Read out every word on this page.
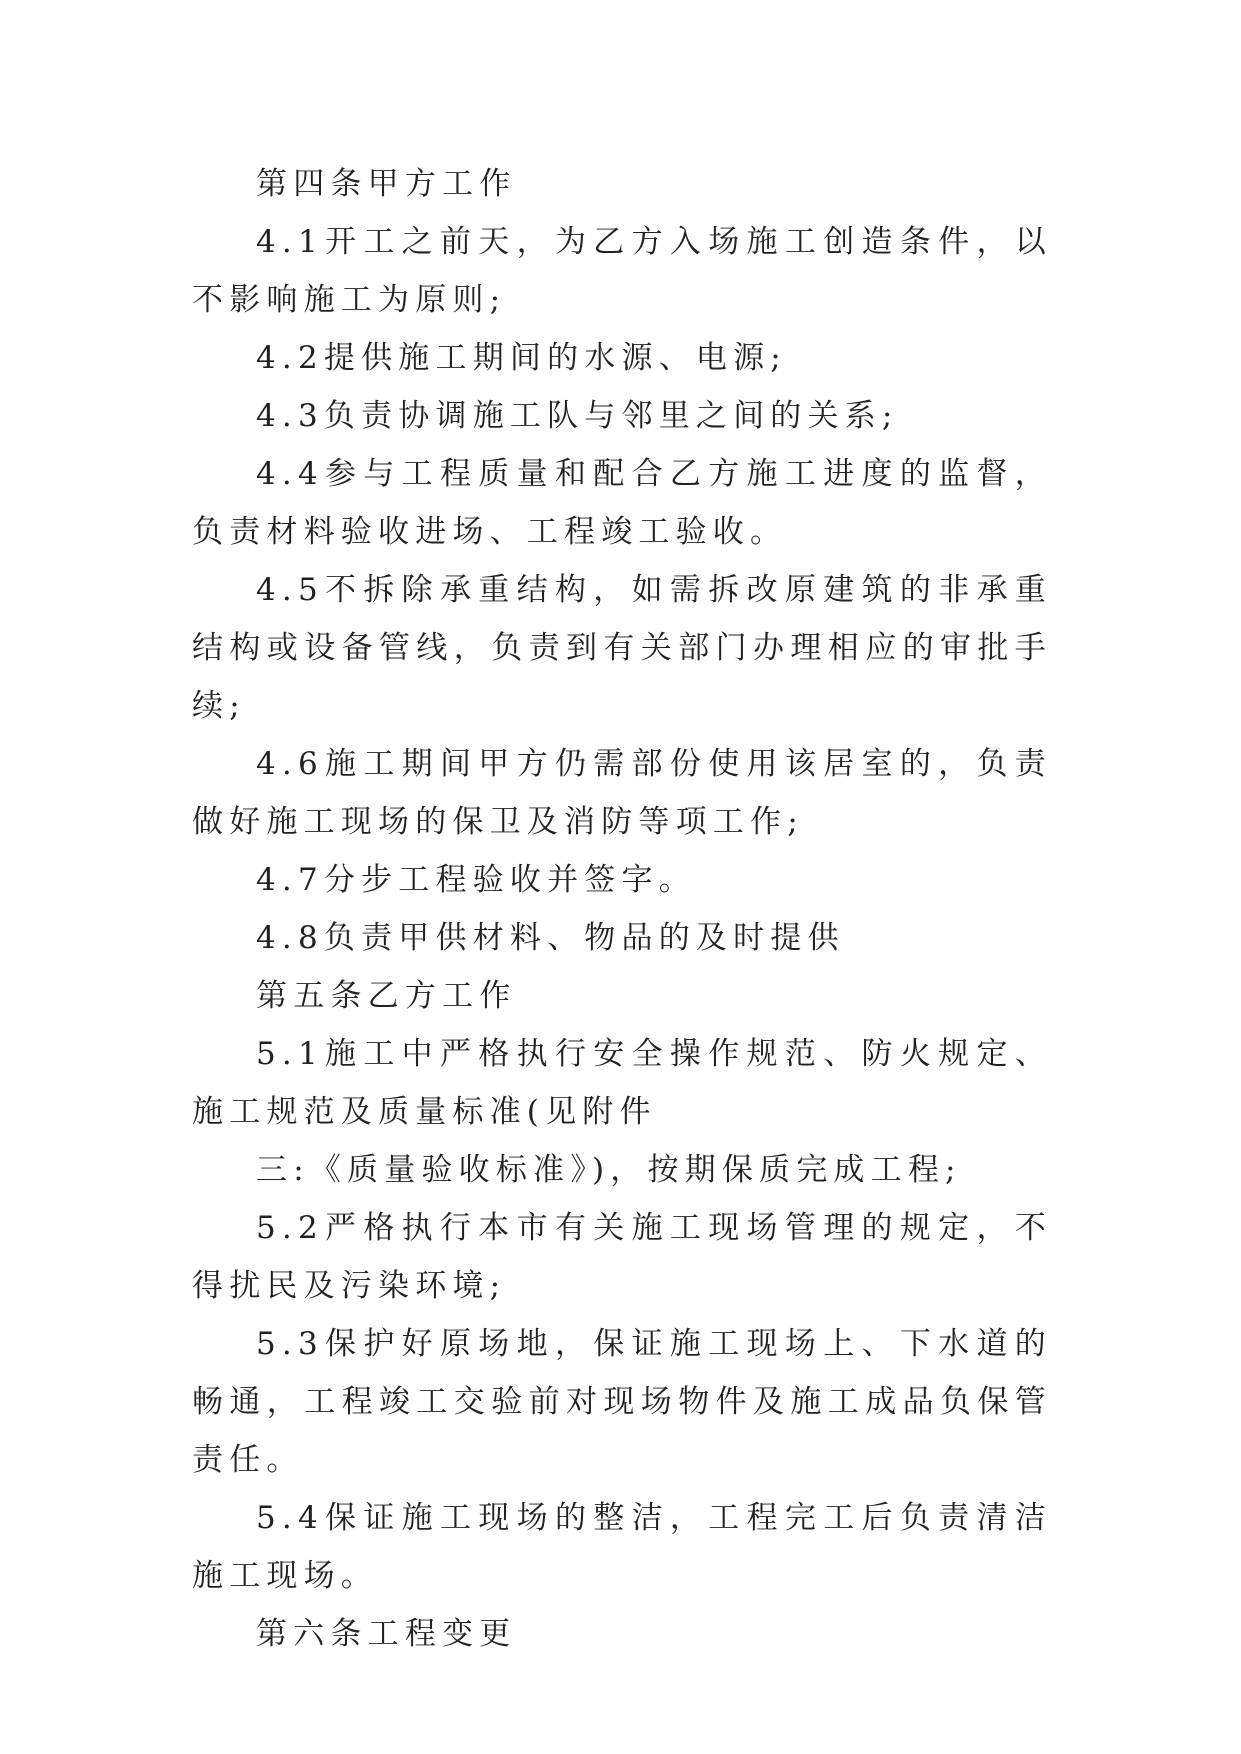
第四条甲方工作

4.1开工之前天，为乙方入场施工创造条件，以不影响施工为原则;

4.2提供施工期间的水源、电源;

4.3负责协调施工队与邻里之间的关系;

4.4参与工程质量和配合乙方施工进度的监督，负责材料验收进场、工程竣工验收。

4.5不拆除承重结构，如需拆改原建筑的非承重结构或设备管线，负责到有关部门办理相应的审批手续;

4.6施工期间甲方仍需部份使用该居室的，负责做好施工现场的保卫及消防等项工作;

4.7分步工程验收并签字。

4.8负责甲供材料、物品的及时提供

第五条乙方工作

5.1施工中严格执行安全操作规范、防火规定、施工规范及质量标准(见附件

三:《质量验收标准》)，按期保质完成工程;

5.2严格执行本市有关施工现场管理的规定，不得扰民及污染环境;

5.3保护好原场地，保证施工现场上、下水道的畅通，工程竣工交验前对现场物件及施工成品负保管责任。

5.4保证施工现场的整洁，工程完工后负责清洁施工现场。

第六条工程变更
